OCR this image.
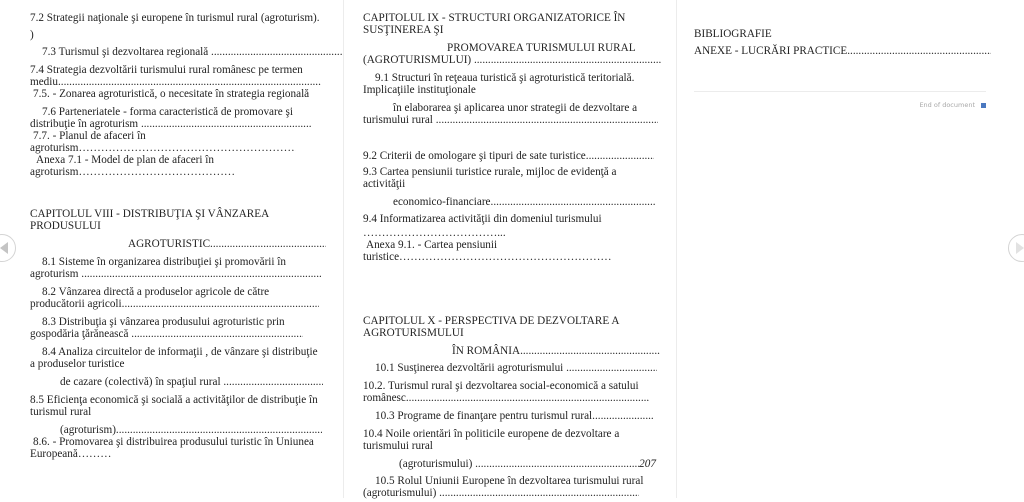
7.2 Strategii naţionale şi europene în turismul rural (agroturism).
)
7.3 Turismul şi dezvoltarea regională .....
7.4 Strategia dezvoltării turismului rural românesc pe termen
mediu.....
7.5. - Zonarea agroturistică, o necesitate în strategia regională
7.6 Parteneriatele - forma caracteristică de promovare şi
distribuţie în agroturism .....
7.7. - Planul de afaceri în
agroturism………………………………………………………………………
Anexa 7.1 - Model de plan de afaceri în
agroturism………………………………………………………………………
CAPITOLUL VIII - DISTRIBUŢIA ŞI VÂNZAREA
PRODUSULUI
AGROTURISTIC.....
8.1 Sisteme în organizarea distribuţiei şi promovării în
agroturism .....
8.2 Vânzarea directă a produselor agricole de către
producătorii agricoli.....
8.3 Distribuţia şi vânzarea produsului agroturistic prin
gospodăria ţărănească .....
8.4 Analiza circuitelor de informaţii , de vânzare şi distribuţie
a produselor turistice
de cazare (colectivă) în spaţiul rural .....
8.5 Eficienţa economică şi socială a activităţilor de distribuţie în
turismul rural
(agroturism).....
8.6. - Promovarea şi distribuirea produsului turistic în Uniunea
Europeană………
CAPITOLUL IX - STRUCTURI ORGANIZATORICE ÎN
SUSŢINEREA ŞI
PROMOVAREA TURISMULUI RURAL
(AGROTURISMULUI) .....
9.1 Structuri în reţeaua turistică şi agroturistică teritorială.
Implicaţiile instituţionale
în elaborarea şi aplicarea unor strategii de dezvoltare a
turismului rural .....
9.2 Criterii de omologare şi tipuri de sate turistice.....
9.3 Cartea pensiunii turistice rurale, mijloc de evidenţă a
activităţii
economico-financiare.....
9.4 Informatizarea activităţii din domeniul turismului
………………………………...
Anexa 9.1. - Cartea pensiunii
turistice………………………………………………………………………
CAPITOLUL X - PERSPECTIVA DE DEZVOLTARE A
AGROTURISMULUI
ÎN ROMÂNIA.....
10.1 Susţinerea dezvoltării agroturismului .....
10.2. Turismul rural şi dezvoltarea social-economică a satului
românesc.....
10.3 Programe de finanţare pentru turismul rural.....
10.4 Noile orientări în politicile europene de dezvoltare a
turismului rural
(agroturismului) .....	207
10.5 Rolul Uniunii Europene în dezvoltarea turismului rural
(agroturismului) .....
BIBLIOGRAFIE
ANEXE - LUCRĂRI PRACTICE.....
End of document
